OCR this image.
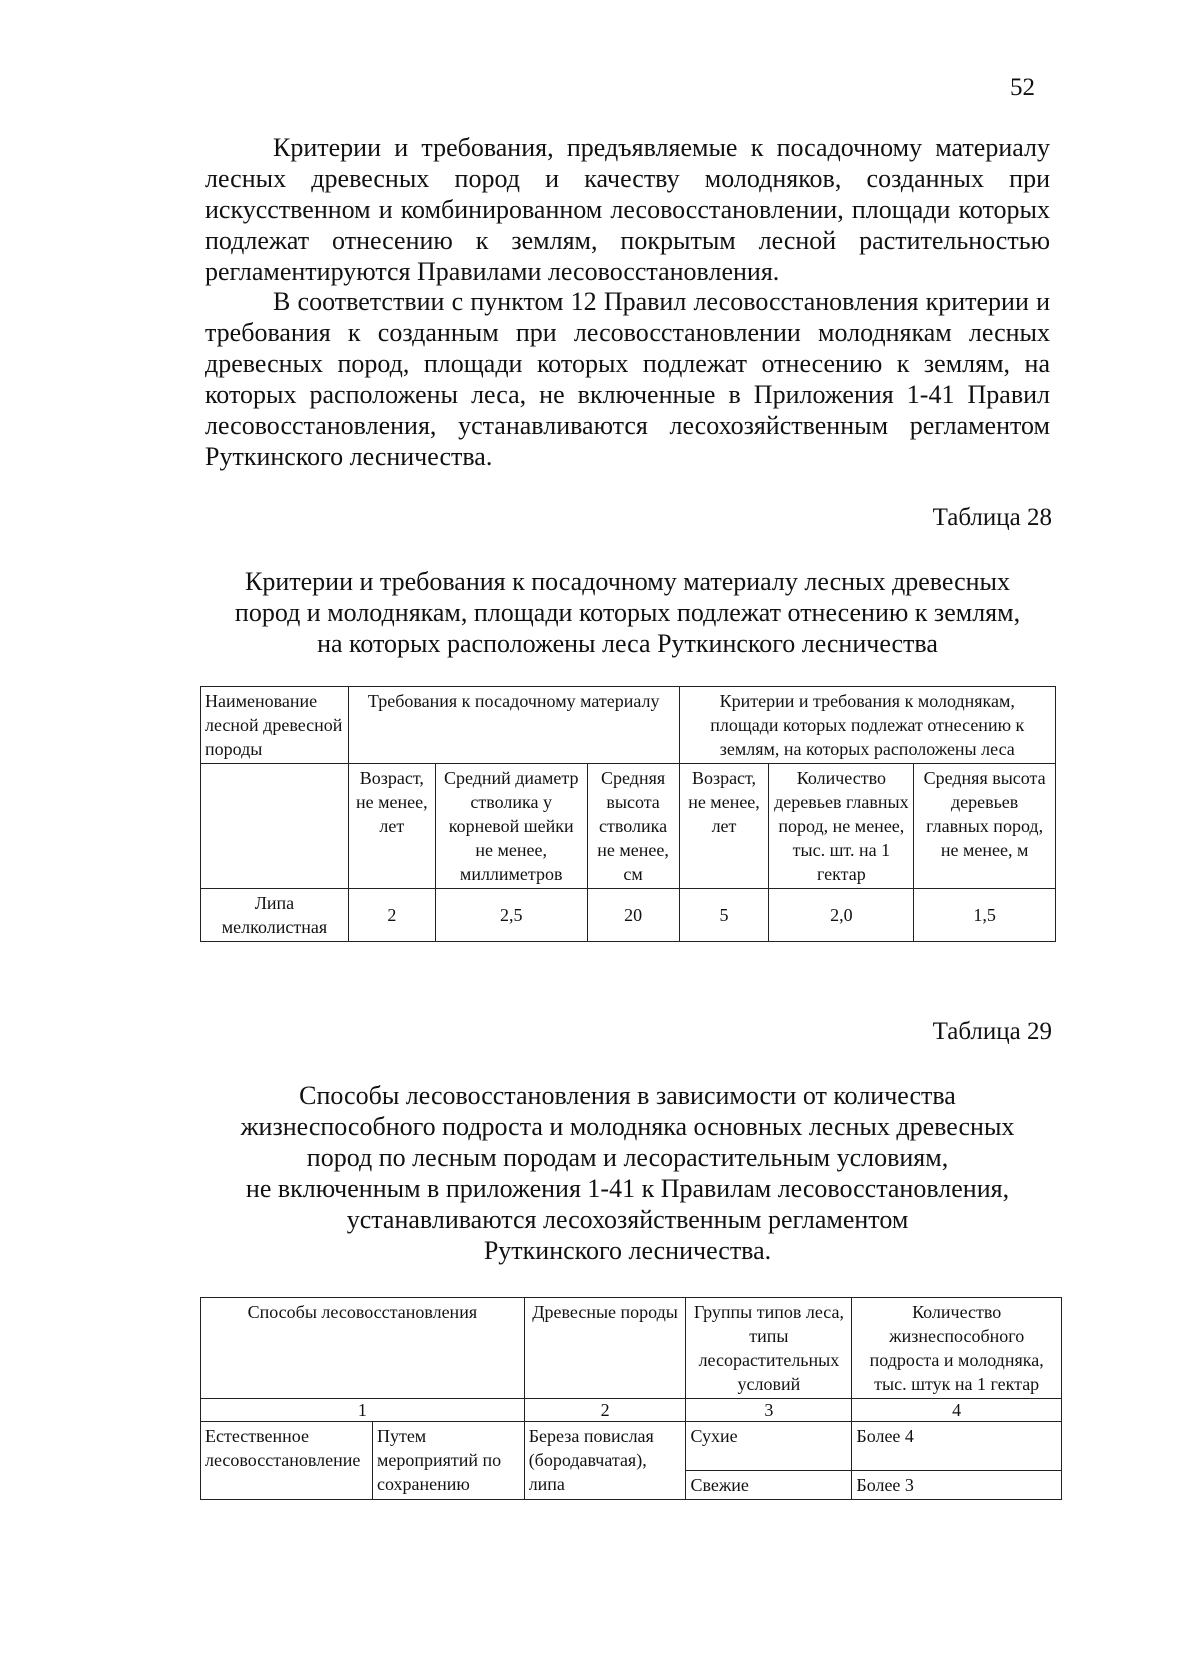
52

Критерии и требования, предъявляемые к посадочному материалу лесных древесных пород и качеству молодняков, созданных при искусственном и комбинированном лесовосстановлении, площади которых подлежат отнесению к землям, покрытым лесной растительностью регламентируются Правилами лесовосстановления.

В соответствии с пунктом 12 Правил лесовосстановления критерии и требования к созданным при лесовосстановлении молоднякам лесных древесных пород, площади которых подлежат отнесению к землям, на которых расположены леса, не включенные в Приложения 1-41 Правил лесовосстановления, устанавливаются лесохозяйственным регламентом Руткинского лесничества.

Таблица 28

Критерии и требования к посадочному материалу лесных древесных
пород и молоднякам, площади которых подлежат отнесению к землям,
на которых расположены леса Руткинского лесничества

Наименование лесной древесной породы	Требования к посадочному материалу			Критерии и требования к молоднякам, площади которых подлежат отнесению к землям, на которых расположены леса		
	Возраст, не менее, лет	Средний диаметр стволика у корневой шейки не менее, миллиметров	Средняя высота стволика не менее, см	Возраст, не менее, лет	Количество деревьев главных пород, не менее, тыс. шт. на 1 гектар	Средняя высота деревьев главных пород, не менее, м
Липа мелколистная	2	2,5	20	5	2,0	1,5
Таблица 29

Способы лесовосстановления в зависимости от количества
жизнеспособного подроста и молодняка основных лесных древесных
пород по лесным породам и лесорастительным условиям,
не включенным в приложения 1-41 к Правилам лесовосстановления,
устанавливаются лесохозяйственным регламентом
Руткинского лесничества.

Способы лесовосстановления		Древесные породы	Группы типов леса, типы лесорастительных условий	Количество жизнеспособного подроста и молодняка, тыс. штук на 1 гектар
1		2	3	4
Естественное лесовосстановление	Путем мероприятий по сохранению	Береза повислая (бородавчатая), липа	Сухие	Более 4
			Свежие	Более 3
